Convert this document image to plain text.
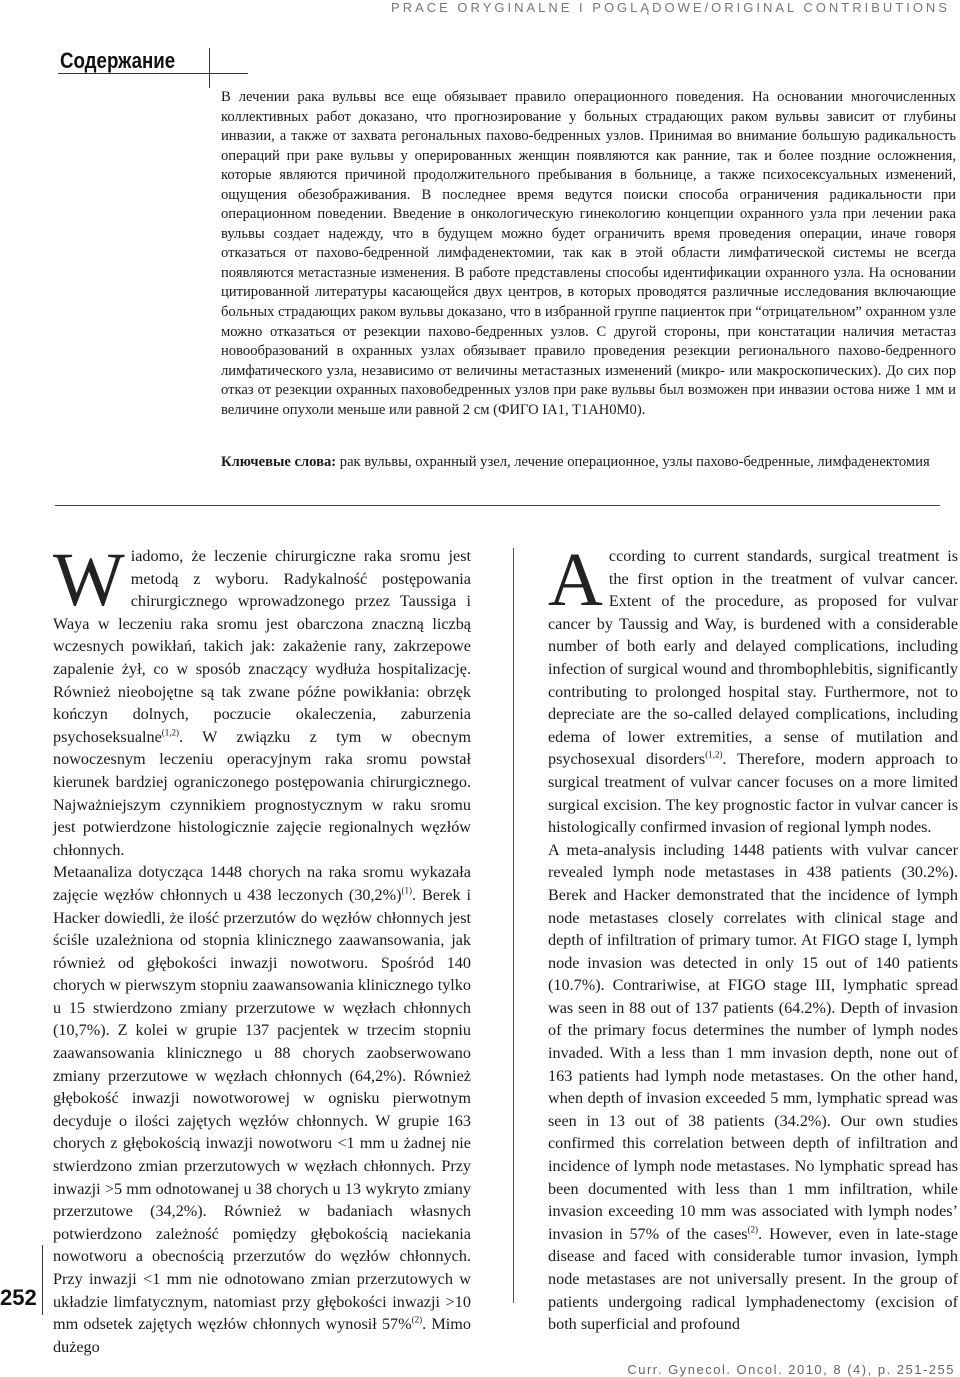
PRACE ORYGINALNE I POGLĄDOWE/ORIGINAL CONTRIBUTIONS
Содержание

В лечении рака вульвы все еще обязывает правило операционного поведения. На основании многочисленных коллективных работ доказано, что прогнозирование у больных страдающих раком вульвы зависит от глубины инвазии, а также от захвата регональных пахово-бедренных узлов. Принимая во внимание большую радикальность операций при раке вульвы у оперированных женщин появляются как ранние, так и более поздние осложнения, которые являются причиной продолжительного пребывания в больнице, а также психосексуальных изменений, ощущения обезображивания. В последнее время ведутся поиски способа ограничения радикальности при операционном поведении. Введение в онкологическую гинекологию концепции охранного узла при лечении рака вульвы создает надежду, что в будущем можно будет ограничить время проведения операции, иначе говоря отказаться от пахово-бедренной лимфаденектомии, так как в этой области лимфатической системы не всегда появляются метастазные изменения. В работе представлены способы идентификации охранного узла. На основании цитированной литературы касающейся двух центров, в которых проводятся различные исследования включающие больных страдающих раком вульвы доказано, что в избранной группе пациенток при “отрицательном” охранном узле можно отказаться от резекции пахово-бедренных узлов. С другой стороны, при констатации наличия метастаз новообразований в охранных узлах обязывает правило проведения резекции регионального пахово-бедренного лимфатического узла, независимо от величины метастазных изменений (микро- или макроскопических). До сих пор отказ от резекции охранных паховобедренных узлов при раке вульвы был возможен при инвазии остова ниже 1 мм и величине опухоли меньше или равной 2 см (ФИГО IA1, T1AH0M0).

Ключевые слова: рак вульвы, охранный узел, лечение операционное, узлы пахово-бедренные, лимфаденектомия

Wiadomo, że leczenie chirurgiczne raka sromu jest metodą z wyboru. Radykalność postępowania chirurgicznego wprowadzonego przez Taussiga i Waya w leczeniu raka sromu jest obarczona znaczną liczbą wczesnych powikłań, takich jak: zakażenie rany, zakrzepowe zapalenie żył, co w sposób znaczący wydłuża hospitalizację. Również nieobojętne są tak zwane późne powikłania: obrzęk kończyn dolnych, poczucie okaleczenia, zaburzenia psychoseksualne$^{(1,2)}$. W związku z tym w obecnym nowoczesnym leczeniu operacyjnym raka sromu powstał kierunek bardziej ograniczonego postępowania chirurgicznego. Najważniejszym czynnikiem prognostycznym w raku sromu jest potwierdzone histologicznie zajęcie regionalnych węzłów chłonnych.

Metaanaliza dotycząca 1448 chorych na raka sromu wykazała zajęcie węzłów chłonnych u 438 leczonych $(30,2\%)^{(1)}$. Berek i Hacker dowiedli, że ilość przerzutów do węzłów chłonnych jest ściśle uzależniona od stopnia klinicznego zaawansowania, jak również od głębokości inwazji nowotworu. Spośród 140 chorych w pierwszym stopniu zaawansowania klinicznego tylko u 15 stwierdzono zmiany przerzutowe w węzłach chłonnych (10,7%). Z kolei w grupie 137 pacjentek w trzecim stopniu zaawansowania klinicznego u 88 chorych zaobserwowano zmiany przerzutowe w węzłach chłonnych (64,2%). Również głębokość inwazji nowotworowej w ognisku pierwotnym decyduje o ilości zajętych węzłów chłonnych. W grupie 163 chorych z głębokością inwazji nowotworu <1 mm u żadnej nie stwierdzono zmian przerzutowych w węzłach chłonnych. Przy inwazji >5 mm odnotowanej u 38 chorych u 13 wykryto zmiany przerzutowe (34,2%). Również w badaniach własnych potwierdzono zależność pomiędzy głębokością naciekania nowotworu a obecnością przerzutów do węzłów chłonnych. Przy inwazji <1 mm nie odnotowano zmian przerzutowych w układzie limfatycznym, natomiast przy głębokości inwazji >10 mm odsetek zajętych węzłów chłonnych wynosił 57%$^{(2)}$. Mimo dużego

According to current standards, surgical treatment is the first option in the treatment of vulvar cancer. Extent of the procedure, as proposed for vulvar cancer by Taussig and Way, is burdened with a considerable number of both early and delayed complications, including infection of surgical wound and thrombophlebitis, significantly contributing to prolonged hospital stay. Furthermore, not to depreciate are the so-called delayed complications, including edema of lower extremities, a sense of mutilation and psychosexual disorders$^{(1,2)}$. Therefore, modern approach to surgical treatment of vulvar cancer focuses on a more limited surgical excision. The key prognostic factor in vulvar cancer is histologically confirmed invasion of regional lymph nodes.

A meta-analysis including 1448 patients with vulvar cancer revealed lymph node metastases in 438 patients (30.2%). Berek and Hacker demonstrated that the incidence of lymph node metastases closely correlates with clinical stage and depth of infiltration of primary tumor. At FIGO stage I, lymph node invasion was detected in only 15 out of 140 patients (10.7%). Contrariwise, at FIGO stage III, lymphatic spread was seen in 88 out of 137 patients (64.2%). Depth of invasion of the primary focus determines the number of lymph nodes invaded. With a less than 1 mm invasion depth, none out of 163 patients had lymph node metastases. On the other hand, when depth of invasion exceeded 5 mm, lymphatic spread was seen in 13 out of 38 patients (34.2%). Our own studies confirmed this correlation between depth of infiltration and incidence of lymph node metastases. No lymphatic spread has been documented with less than 1 mm infiltration, while invasion exceeding 10 mm was associated with lymph nodes’ invasion in 57% of the cases$^{(2)}$. However, even in late-stage disease and faced with considerable tumor invasion, lymph node metastases are not universally present. In the group of patients undergoing radical lymphadenectomy (excision of both superficial and profound

252
Curr. Gynecol. Oncol. 2010, 8 (4), p. 251-255
